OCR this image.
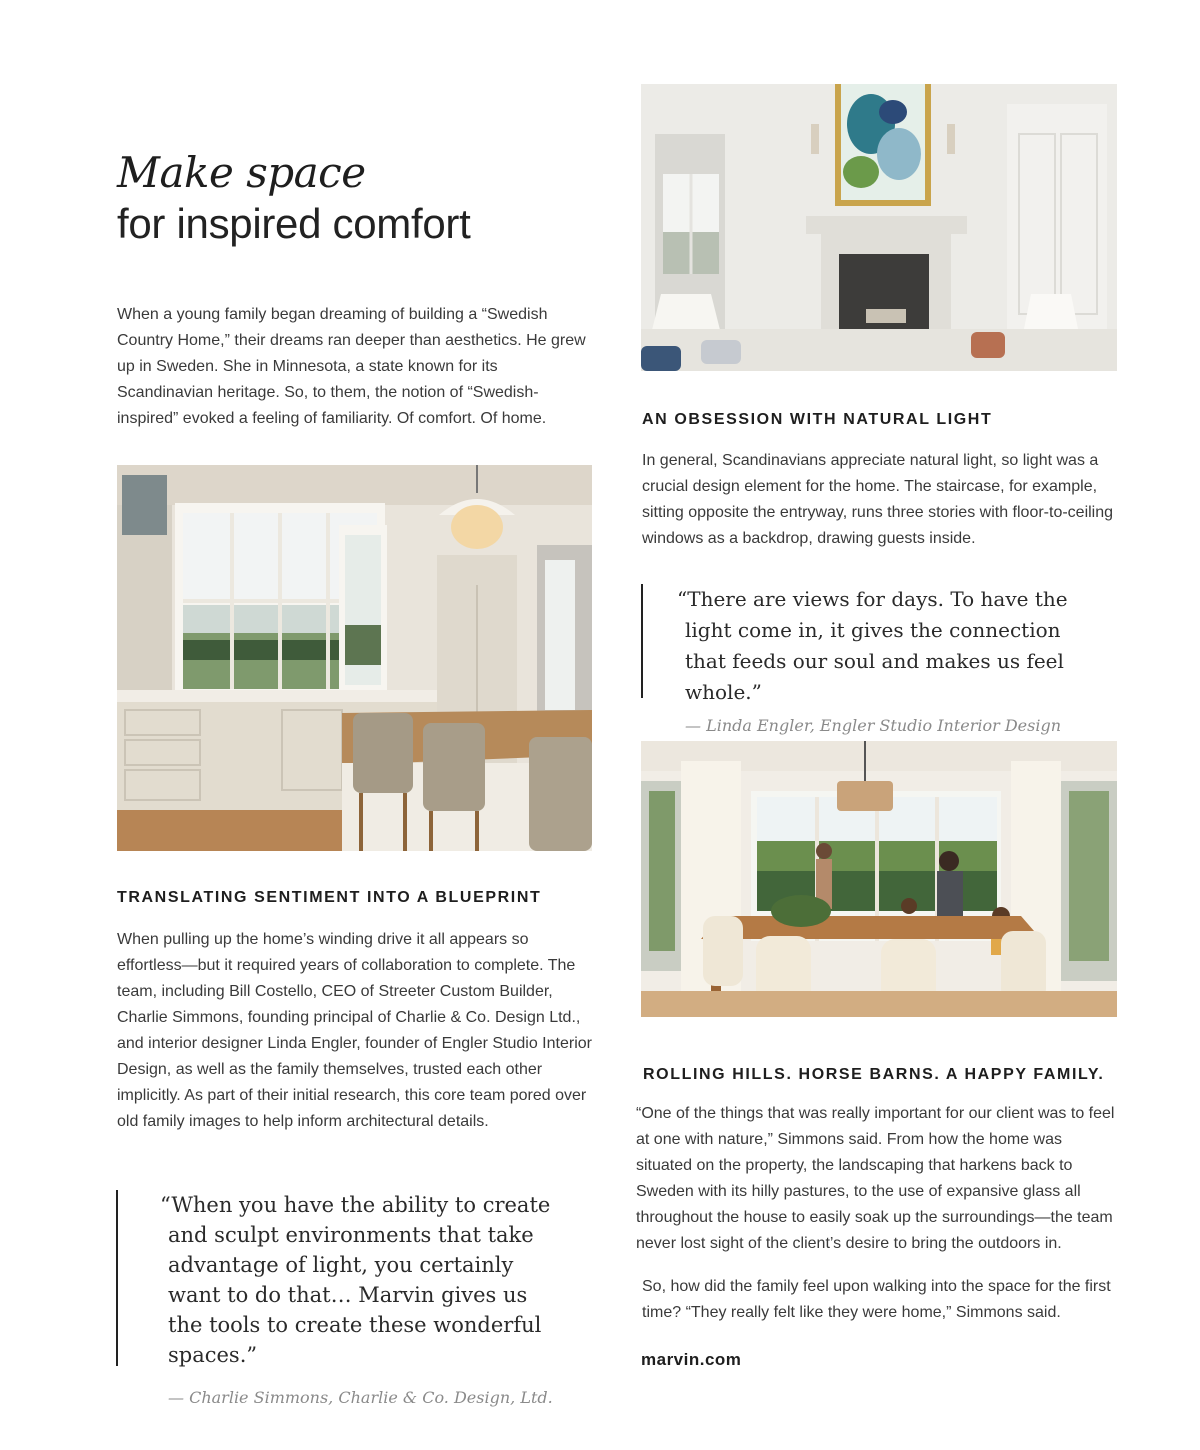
Make space
for inspired comfort

When a young family began dreaming of building a “Swedish Country Home,” their dreams ran deeper than aesthetics. He grew up in Sweden. She in Minnesota, a state known for its Scandinavian heritage. So, to them, the notion of “Swedish-inspired” evoked a feeling of familiarity. Of comfort. Of home.

TRANSLATING SENTIMENT INTO A BLUEPRINT

When pulling up the home’s winding drive it all appears so effortless—but it required years of collaboration to complete. The team, including Bill Costello, CEO of Streeter Custom Builder, Charlie Simmons, founding principal of Charlie & Co. Design Ltd., and interior designer Linda Engler, founder of Engler Studio Interior Design, as well as the family themselves, trusted each other implicitly. As part of their initial research, this core team pored over old family images to help inform architectural details.

“When you have the ability to create and sculpt environments that take advantage of light, you certainly want to do that… Marvin gives us the tools to create these wonderful spaces.”

— Charlie Simmons, Charlie & Co. Design, Ltd.

AN OBSESSION WITH NATURAL LIGHT

In general, Scandinavians appreciate natural light, so light was a crucial design element for the home. The staircase, for example, sitting opposite the entryway, runs three stories with floor-to-ceiling windows as a backdrop, drawing guests inside.

“There are views for days. To have the light come in, it gives the connection that feeds our soul and makes us feel whole.”

— Linda Engler, Engler Studio Interior Design

ROLLING HILLS. HORSE BARNS. A HAPPY FAMILY.

“One of the things that was really important for our client was to feel at one with nature,” Simmons said. From how the home was situated on the property, the landscaping that harkens back to Sweden with its hilly pastures, to the use of expansive glass all throughout the house to easily soak up the surroundings—the team never lost sight of the client’s desire to bring the outdoors in.

So, how did the family feel upon walking into the space for the first time? “They really felt like they were home,” Simmons said.

marvin.com
